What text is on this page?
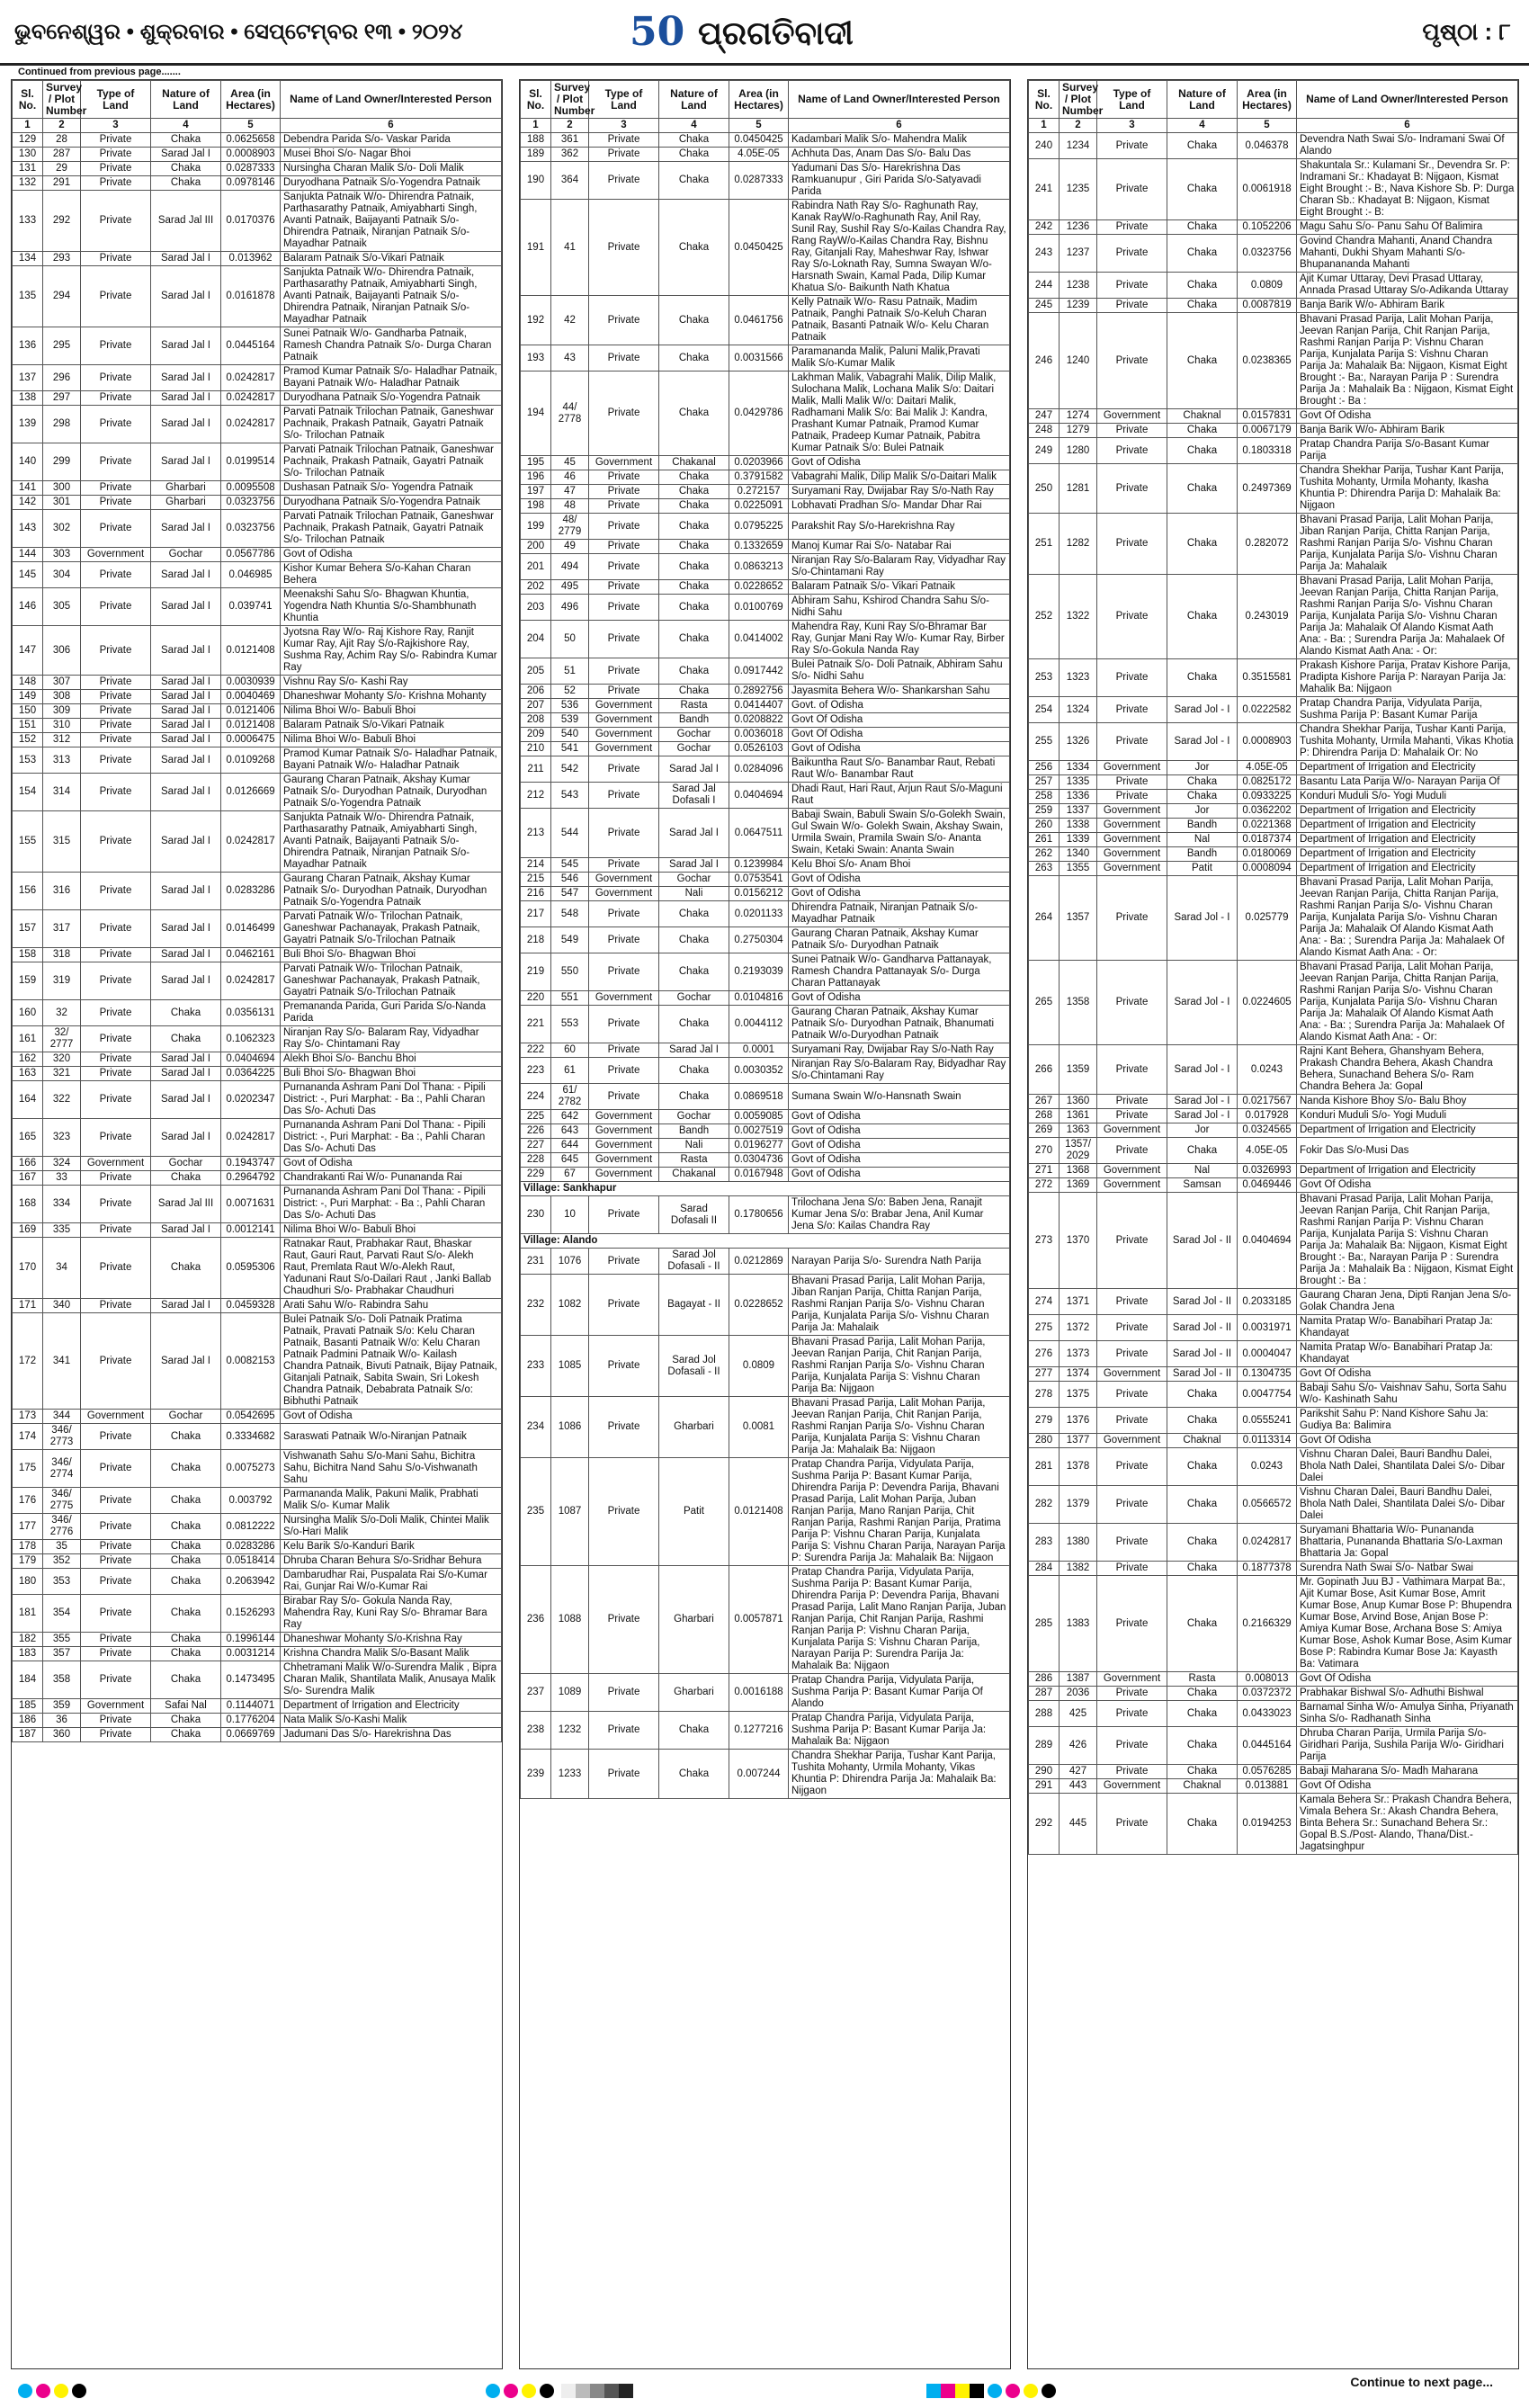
ଭୁବନେଶ୍ୱର • ଶୁକ୍ରବାର • ସେପ୍ଟେମ୍ବର ୧୩ • ୨୦୨୪	50 ପ୍ରଗତିବାଦୀ	ପୃଷ୍ଠା : ୮
Continued from previous page.......
Sl. No.	Survey / Plot Number	Type of Land	Nature of Land	Area (in Hectares)	Name of Land Owner/Interested Person
1	2	3	4	5	6
129	28	Private	Chaka	0.0625658	Debendra Parida S/o- Vaskar Parida
130	287	Private	Sarad Jal I	0.0008903	Musei Bhoi S/o- Nagar Bhoi
131	29	Private	Chaka	0.0287333	Nursingha Charan Malik S/o- Doli Malik
132	291	Private	Chaka	0.0978146	Duryodhana Patnaik S/o-Yogendra Patnaik
133	292	Private	Sarad Jal III	0.0170376	Sanjukta Patnaik W/o- Dhirendra Patnaik, Parthasarathy Patnaik, Amiyabharti Singh, Avanti Patnaik, Baijayanti Patnaik S/o-Dhirendra Patnaik, Niranjan Patnaik S/o-Mayadhar Patnaik
134	293	Private	Sarad Jal I	0.013962	Balaram Patnaik S/o-Vikari Patnaik
135	294	Private	Sarad Jal I	0.0161878	Sanjukta Patnaik W/o- Dhirendra Patnaik, Parthasarathy Patnaik, Amiyabharti Singh, Avanti Patnaik, Baijayanti Patnaik S/o- Dhirendra Patnaik, Niranjan Patnaik S/o-Mayadhar Patnaik
136	295	Private	Sarad Jal I	0.0445164	Sunei Patnaik W/o- Gandharba Patnaik, Ramesh Chandra Patnaik S/o- Durga Charan Patnaik
137	296	Private	Sarad Jal I	0.0242817	Pramod Kumar Patnaik S/o- Haladhar Patnaik, Bayani Patnaik W/o- Haladhar Patnaik
138	297	Private	Sarad Jal I	0.0242817	Duryodhana Patnaik S/o-Yogendra Patnaik
139	298	Private	Sarad Jal I	0.0242817	Parvati Patnaik Trilochan Patnaik, Ganeshwar Pachnaik, Prakash Patnaik, Gayatri Patnaik S/o- Trilochan Patnaik
140	299	Private	Sarad Jal I	0.0199514	Parvati Patnaik Trilochan Patnaik, Ganeshwar Pachnaik, Prakash Patnaik, Gayatri Patnaik S/o- Trilochan Patnaik
141	300	Private	Gharbari	0.0095508	Dushasan Patnaik S/o- Yogendra Patnaik
142	301	Private	Gharbari	0.0323756	Duryodhana Patnaik S/o-Yogendra Patnaik
143	302	Private	Sarad Jal I	0.0323756	Parvati Patnaik Trilochan Patnaik, Ganeshwar Pachnaik, Prakash Patnaik, Gayatri Patnaik S/o- Trilochan Patnaik
144	303	Government	Gochar	0.0567786	Govt of Odisha
145	304	Private	Sarad Jal I	0.046985	Kishor Kumar Behera S/o-Kahan Charan Behera
146	305	Private	Sarad Jal I	0.039741	Meenakshi Sahu S/o- Bhagwan Khuntia, Yogendra Nath Khuntia S/o-Shambhunath Khuntia
147	306	Private	Sarad Jal I	0.0121408	Jyotsna Ray W/o- Raj Kishore Ray, Ranjit Kumar Ray, Ajit Ray S/o-Rajkishore Ray, Sushma Ray, Achim Ray S/o- Rabindra Kumar Ray
148	307	Private	Sarad Jal I	0.0030939	Vishnu Ray S/o- Kashi Ray
149	308	Private	Sarad Jal I	0.0040469	Dhaneshwar Mohanty S/o- Krishna Mohanty
150	309	Private	Sarad Jal I	0.0121406	Nilima Bhoi W/o- Babuli Bhoi
151	310	Private	Sarad Jal I	0.0121408	Balaram Patnaik S/o-Vikari Patnaik
152	312	Private	Sarad Jal I	0.0006475	Nilima Bhoi W/o- Babuli Bhoi
153	313	Private	Sarad Jal I	0.0109268	Pramod Kumar Patnaik S/o- Haladhar Patnaik, Bayani Patnaik W/o- Haladhar Patnaik
154	314	Private	Sarad Jal I	0.0126669	Gaurang Charan Patnaik, Akshay Kumar Patnaik S/o- Duryodhan Patnaik, Duryodhan Patnaik S/o-Yogendra Patnaik
155	315	Private	Sarad Jal I	0.0242817	Sanjukta Patnaik W/o- Dhirendra Patnaik, Parthasarathy Patnaik, Amiyabharti Singh, Avanti Patnaik, Baijayanti Patnaik S/o- Dhirendra Patnaik, Niranjan Patnaik S/o-Mayadhar Patnaik
156	316	Private	Sarad Jal I	0.0283286	Gaurang Charan Patnaik, Akshay Kumar Patnaik S/o- Duryodhan Patnaik, Duryodhan Patnaik S/o-Yogendra Patnaik
157	317	Private	Sarad Jal I	0.0146499	Parvati Patnaik W/o- Trilochan Patnaik, Ganeshwar Pachanayak, Prakash Patnaik, Gayatri Patnaik S/o-Trilochan Patnaik
158	318	Private	Sarad Jal I	0.0462161	Buli Bhoi S/o- Bhagwan Bhoi
159	319	Private	Sarad Jal I	0.0242817	Parvati Patnaik W/o- Trilochan Patnaik, Ganeshwar Pachanayak, Prakash Patnaik, Gayatri Patnaik S/o-Trilochan Patnaik
160	32	Private	Chaka	0.0356131	Premananda Parida, Guri Parida S/o-Nanda Parida
161	32/ 2777	Private	Chaka	0.1062323	Niranjan Ray S/o- Balaram Ray, Vidyadhar Ray S/o- Chintamani Ray
162	320	Private	Sarad Jal I	0.0404694	Alekh Bhoi S/o- Banchu Bhoi
163	321	Private	Sarad Jal I	0.0364225	Buli Bhoi S/o- Bhagwan Bhoi
164	322	Private	Sarad Jal I	0.0202347	Purnananda Ashram Pani Dol Thana: - Pipili District: -, Puri Marphat: - Ba :, Pahli Charan Das S/o- Achuti Das
165	323	Private	Sarad Jal I	0.0242817	Purnananda Ashram Pani Dol Thana: - Pipili District: -, Puri Marphat: - Ba :, Pahli Charan Das S/o- Achuti Das
166	324	Government	Gochar	0.1943747	Govt of Odisha
167	33	Private	Chaka	0.2964792	Chandrakanti Rai W/o- Punananda Rai
168	334	Private	Sarad Jal III	0.0071631	Purnananda Ashram Pani Dol Thana: - Pipili District: -, Puri Marphat: - Ba :, Pahli Charan Das S/o- Achuti Das
169	335	Private	Sarad Jal I	0.0012141	Nilima Bhoi W/o- Babuli Bhoi
170	34	Private	Chaka	0.0595306	Ratnakar Raut, Prabhakar Raut, Bhaskar Raut, Gauri Raut, Parvati Raut S/o- Alekh Raut, Premlata Raut W/o-Alekh Raut, Yadunani Raut S/o-Dailari Raut , Janki Ballab Chaudhuri S/o- Prabhakar Chaudhuri
171	340	Private	Sarad Jal I	0.0459328	Arati Sahu W/o- Rabindra Sahu
172	341	Private	Sarad Jal I	0.0082153	Bulei Patnaik S/o- Doli Patnaik Pratima Patnaik, Pravati Patnaik S/o: Kelu Charan Patnaik, Basanti Patnaik W/o: Kelu Charan Patnaik Padmini Patnaik W/o- Kailash Chandra Patnaik, Bivuti Patnaik, Bijay Patnaik, Gitanjali Patnaik, Sabita Swain, Sri Lokesh Chandra Patnaik, Debabrata Patnaik S/o: Bibhuthi Patnaik
173	344	Government	Gochar	0.0542695	Govt of Odisha
174	346/ 2773	Private	Chaka	0.3334682	Saraswati Patnaik W/o-Niranjan Patnaik
175	346/ 2774	Private	Chaka	0.0075273	Vishwanath Sahu S/o-Mani Sahu, Bichitra Sahu, Bichitra Nand Sahu S/o-Vishwanath Sahu
176	346/ 2775	Private	Chaka	0.003792	Parmananda Malik, Pakuni Malik, Prabhati Malik S/o- Kumar Malik
177	346/ 2776	Private	Chaka	0.0812222	Nursingha Malik S/o-Doli Malik, Chintei Malik S/o-Hari Malik
178	35	Private	Chaka	0.0283286	Kelu Barik S/o-Kanduri Barik
179	352	Private	Chaka	0.0518414	Dhruba Charan Behura S/o-Sridhar Behura
180	353	Private	Chaka	0.2063942	Dambarudhar Rai, Puspalata Rai S/o-Kumar Rai, Gunjar Rai W/o-Kumar Rai
181	354	Private	Chaka	0.1526293	Birabar Ray S/o- Gokula Nanda Ray, Mahendra Ray, Kuni Ray S/o- Bhramar Bara Ray
182	355	Private	Chaka	0.1996144	Dhaneshwar Mohanty S/o-Krishna Ray
183	357	Private	Chaka	0.0031214	Krishna Chandra Malik S/o-Basant Malik
184	358	Private	Chaka	0.1473495	Chhetramani Malik W/o-Surendra Malik , Bipra Charan Malik, Shantilata Malik, Anusaya Malik S/o- Surendra Malik
185	359	Government	Safai Nal	0.1144071	Department of Irrigation and Electricity
186	36	Private	Chaka	0.1776204	Nata Malik S/o-Kashi Malik
187	360	Private	Chaka	0.0669769	Jadumani Das S/o- Harekrishna Das
Sl. No.	Survey / Plot Number	Type of Land	Nature of Land	Area (in Hectares)	Name of Land Owner/Interested Person
1	2	3	4	5	6
188	361	Private	Chaka	0.0450425	Kadambari Malik S/o- Mahendra Malik
189	362	Private	Chaka	4.05E-05	Achhuta Das, Anam Das S/o- Balu Das
190	364	Private	Chaka	0.0287333	Yadumani Das S/o- Harekrishna Das Ramkuanupur , Giri Parida S/o-Satyavadi Parida
191	41	Private	Chaka	0.0450425	Rabindra Nath Ray S/o- Raghunath Ray, Kanak RayW/o-Raghunath Ray, Anil Ray, Sunil Ray, Sushil Ray S/o-Kailas Chandra Ray, Rang RayW/o-Kailas Chandra Ray, Bishnu Ray, Gitanjali Ray, Maheshwar Ray, Ishwar Ray S/o-Loknath Ray, Sumna Swayan W/o-Harsnath Swain, Kamal Pada, Dilip Kumar Khatua S/o- Baikunth Nath Khatua
192	42	Private	Chaka	0.0461756	Kelly Patnaik W/o- Rasu Patnaik, Madim Patnaik, Panghi Patnaik S/o-Keluh Charan Patnaik, Basanti Patnaik W/o- Kelu Charan Patnaik
193	43	Private	Chaka	0.0031566	Paramananda Malik, Paluni Malik,Pravati Malik S/o-Kumar Malik
194	44/ 2778	Private	Chaka	0.0429786	Lakhman Malik, Vabagrahi Malik, Dilip Malik, Sulochana Malik, Lochana Malik S/o: Daitari Malik, Malli Malik W/o: Daitari Malik, Radhamani Malik S/o: Bai Malik J: Kandra, Prashant Kumar Patnaik, Pramod Kumar Patnaik, Pradeep Kumar Patnaik, Pabitra Kumar Patnaik S/o: Bulei Patnaik
195	45	Government	Chakanal	0.0203966	Govt of Odisha
196	46	Private	Chaka	0.3791582	Vabagrahi Malik, Dilip Malik S/o-Daitari Malik
197	47	Private	Chaka	0.272157	Suryamani Ray, Dwijabar Ray S/o-Nath Ray
198	48	Private	Chaka	0.0225091	Lobhavati Pradhan S/o- Mandar Dhar Rai
199	48/ 2779	Private	Chaka	0.0795225	Parakshit Ray S/o-Harekrishna Ray
200	49	Private	Chaka	0.1332659	Manoj Kumar Rai S/o- Natabar Rai
201	494	Private	Chaka	0.0863213	Niranjan Ray S/o-Balaram Ray, Vidyadhar Ray S/o-Chintamani Ray
202	495	Private	Chaka	0.0228652	Balaram Patnaik S/o- Vikari Patnaik
203	496	Private	Chaka	0.0100769	Abhiram Sahu, Kshirod Chandra Sahu S/o-Nidhi Sahu
204	50	Private	Chaka	0.0414002	Mahendra Ray, Kuni Ray S/o-Bhramar Bar Ray, Gunjar Mani Ray W/o- Kumar Ray, Birber Ray S/o-Gokula Nanda Ray
205	51	Private	Chaka	0.0917442	Bulei Patnaik S/o- Doli Patnaik, Abhiram Sahu S/o- Nidhi Sahu
206	52	Private	Chaka	0.2892756	Jayasmita Behera W/o- Shankarshan Sahu
207	536	Government	Rasta	0.0414407	Govt. of Odisha
208	539	Government	Bandh	0.0208822	Govt Of Odisha
209	540	Government	Gochar	0.0036018	Govt Of Odisha
210	541	Government	Gochar	0.0526103	Govt of Odisha
211	542	Private	Sarad Jal I	0.0284096	Baikuntha Raut S/o- Banambar Raut, Rebati Raut W/o- Banambar Raut
212	543	Private	Sarad Jal Dofasali I	0.0404694	Dhadi Raut, Hari Raut, Arjun Raut S/o-Maguni Raut
213	544	Private	Sarad Jal I	0.0647511	Babaji Swain, Babuli Swain S/o-Golekh Swain, Gul Swain W/o- Golekh Swain, Akshay Swain, Urmila Swain, Pramila Swain S/o- Ananta Swain, Ketaki Swain: Ananta Swain
214	545	Private	Sarad Jal I	0.1239984	Kelu Bhoi S/o- Anam Bhoi
215	546	Government	Gochar	0.0753541	Govt of Odisha
216	547	Government	Nali	0.0156212	Govt of Odisha
217	548	Private	Chaka	0.0201133	Dhirendra Patnaik, Niranjan Patnaik S/o- Mayadhar Patnaik
218	549	Private	Chaka	0.2750304	Gaurang Charan Patnaik, Akshay Kumar Patnaik S/o- Duryodhan Patnaik
219	550	Private	Chaka	0.2193039	Sunei Patnaik W/o- Gandharva Pattanayak, Ramesh Chandra Pattanayak S/o- Durga Charan Pattanayak
220	551	Government	Gochar	0.0104816	Govt of Odisha
221	553	Private	Chaka	0.0044112	Gaurang Charan Patnaik, Akshay Kumar Patnaik S/o- Duryodhan Patnaik, Bhanumati Patnaik W/o-Duryodhan Patnaik
222	60	Private	Sarad Jal I	0.0001	Suryamani Ray, Dwijabar Ray S/o-Nath Ray
223	61	Private	Chaka	0.0030352	Niranjan Ray S/o-Balaram Ray, Bidyadhar Ray S/o-Chintamani Ray
224	61/ 2782	Private	Chaka	0.0869518	Sumana Swain W/o-Hansnath Swain
225	642	Government	Gochar	0.0059085	Govt of Odisha
226	643	Government	Bandh	0.0027519	Govt of Odisha
227	644	Government	Nali	0.0196277	Govt of Odisha
228	645	Government	Rasta	0.0304736	Govt of Odisha
229	67	Government	Chakanal	0.0167948	Govt of Odisha
Village: Sankhapur					
230	10	Private	Sarad Dofasali II	0.1780656	Trilochana Jena S/o: Baben Jena, Ranajit Kumar Jena S/o: Brabar Jena, Anil Kumar Jena S/o: Kailas Chandra Ray
Village: Alando					
231	1076	Private	Sarad Jol Dofasali - II	0.0212869	Narayan Parija S/o- Surendra Nath Parija
232	1082	Private	Bagayat - II	0.0228652	Bhavani Prasad Parija, Lalit Mohan Parija, Jiban Ranjan Parija, Chitta Ranjan Parija, Rashmi Ranjan Parija S/o- Vishnu Charan Parija, Kunjalata Parija S/o- Vishnu Charan Parija Ja: Mahalaik
233	1085	Private	Sarad Jol Dofasali - II	0.0809	Bhavani Prasad Parija, Lalit Mohan Parija, Jeevan Ranjan Parija, Chit Ranjan Parija, Rashmi Ranjan Parija S/o- Vishnu Charan Parija, Kunjalata Parija S: Vishnu Charan Parija Ba: Nijgaon
234	1086	Private	Gharbari	0.0081	Bhavani Prasad Parija, Lalit Mohan Parija, Jeevan Ranjan Parija, Chit Ranjan Parija, Rashmi Ranjan Parija S/o- Vishnu Charan Parija, Kunjalata Parija S: Vishnu Charan Parija Ja: Mahalaik Ba: Nijgaon
235	1087	Private	Patit	0.0121408	Pratap Chandra Parija, Vidyulata Parija, Sushma Parija P: Basant Kumar Parija, Dhirendra Parija P: Devendra Parija, Bhavani Prasad Parija, Lalit Mohan Parija, Juban Ranjan Parija, Mano Ranjan Parija, Chit Ranjan Parija, Rashmi Ranjan Parija, Pratima Parija P: Vishnu Charan Parija, Kunjalata Parija S: Vishnu Charan Parija, Narayan Parija P: Surendra Parija Ja: Mahalaik Ba: Nijgaon
236	1088	Private	Gharbari	0.0057871	Pratap Chandra Parija, Vidyulata Parija, Sushma Parija P: Basant Kumar Parija, Dhirendra Parija P: Devendra Parija, Bhavani Prasad Parija, Lalit Mano Ranjan Parija, Juban Ranjan Parija, Chit Ranjan Parija, Rashmi Ranjan Parija P: Vishnu Charan Parija, Kunjalata Parija S: Vishnu Charan Parija, Narayan Parija P: Surendra Parija Ja: Mahalaik Ba: Nijgaon
237	1089	Private	Gharbari	0.0016188	Pratap Chandra Parija, Vidyulata Parija, Sushma Parija P: Basant Kumar Parija Of Alando
238	1232	Private	Chaka	0.1277216	Pratap Chandra Parija, Vidyulata Parija, Sushma Parija P: Basant Kumar Parija Ja: Mahalaik Ba: Nijgaon
239	1233	Private	Chaka	0.007244	Chandra Shekhar Parija, Tushar Kant Parija, Tushita Mohanty, Urmila Mohanty, Vikas Khuntia P: Dhirendra Parija Ja: Mahalaik Ba: Nijgaon
Sl. No.	Survey / Plot Number	Type of Land	Nature of Land	Area (in Hectares)	Name of Land Owner/Interested Person
1	2	3	4	5	6
240	1234	Private	Chaka	0.046378	Devendra Nath Swai S/o- Indramani Swai Of Alando
241	1235	Private	Chaka	0.0061918	Shakuntala Sr.: Kulamani Sr., Devendra Sr. P: Indramani Sr.: Khadayat B: Nijgaon, Kismat Eight Brought :- B:, Nava Kishore Sb. P: Durga Charan Sb.: Khadayat B: Nijgaon, Kismat Eight Brought :- B:
242	1236	Private	Chaka	0.1052206	Magu Sahu S/o- Panu Sahu Of Balimira
243	1237	Private	Chaka	0.0323756	Govind Chandra Mahanti, Anand Chandra Mahanti, Dukhi Shyam Mahanti S/o- Bhupanananda Mahanti
244	1238	Private	Chaka	0.0809	Ajit Kumar Uttaray, Devi Prasad Uttaray, Annada Prasad Uttaray S/o-Adikanda Uttaray
245	1239	Private	Chaka	0.0087819	Banja Barik W/o- Abhiram Barik
246	1240	Private	Chaka	0.0238365	Bhavani Prasad Parija, Lalit Mohan Parija, Jeevan Ranjan Parija, Chit Ranjan Parija, Rashmi Ranjan Parija P: Vishnu Charan Parija, Kunjalata Parija S: Vishnu Charan Parija Ja: Mahalaik Ba: Nijgaon, Kismat Eight Brought :- Ba:, Narayan Parija P : Surendra Parija Ja : Mahalaik Ba : Nijgaon, Kismat Eight Brought :- Ba :
247	1274	Government	Chaknal	0.0157831	Govt Of Odisha
248	1279	Private	Chaka	0.0067179	Banja Barik W/o- Abhiram Barik
249	1280	Private	Chaka	0.1803318	Pratap Chandra Parija S/o-Basant Kumar Parija
250	1281	Private	Chaka	0.2497369	Chandra Shekhar Parija, Tushar Kant Parija, Tushita Mohanty, Urmila Mohanty, Ikasha Khuntia P: Dhirendra Parija D: Mahalaik Ba: Nijgaon
251	1282	Private	Chaka	0.282072	Bhavani Prasad Parija, Lalit Mohan Parija, Jiban Ranjan Parija, Chitta Ranjan Parija, Rashmi Ranjan Parija S/o- Vishnu Charan Parija, Kunjalata Parija S/o- Vishnu Charan Parija Ja: Mahalaik
252	1322	Private	Chaka	0.243019	Bhavani Prasad Parija, Lalit Mohan Parija, Jeevan Ranjan Parija, Chitta Ranjan Parija, Rashmi Ranjan Parija S/o- Vishnu Charan Parija, Kunjalata Parija S/o- Vishnu Charan Parija Ja: Mahalaik Of Alando Kismat Aath Ana: - Ba: ; Surendra Parija Ja: Mahalaek Of Alando Kismat Aath Ana: - Or:
253	1323	Private	Chaka	0.3515581	Prakash Kishore Parija, Pratav Kishore Parija, Pradipta Kishore Parija P: Narayan Parija Ja: Mahalik Ba: Nijgaon
254	1324	Private	Sarad Jol - I	0.0222582	Pratap Chandra Parija, Vidyulata Parija, Sushma Parija P: Basant Kumar Parija
255	1326	Private	Sarad Jol - I	0.0008903	Chandra Shekhar Parija, Tushar Kanti Parija, Tushita Mohanty, Urmila Mahanti, Vikas Khotia P: Dhirendra Parija D: Mahalaik Or: No
256	1334	Government	Jor	4.05E-05	Department of Irrigation and Electricity
257	1335	Private	Chaka	0.0825172	Basantu Lata Parija W/o- Narayan Parija Of
258	1336	Private	Chaka	0.0933225	Konduri Muduli S/o- Yogi Muduli
259	1337	Government	Jor	0.0362202	Department of Irrigation and Electricity
260	1338	Government	Bandh	0.0221368	Department of Irrigation and Electricity
261	1339	Government	Nal	0.0187374	Department of Irrigation and Electricity
262	1340	Government	Bandh	0.0180069	Department of Irrigation and Electricity
263	1355	Government	Patit	0.0008094	Department of Irrigation and Electricity
264	1357	Private	Sarad Jol - I	0.025779	Bhavani Prasad Parija, Lalit Mohan Parija, Jeevan Ranjan Parija, Chitta Ranjan Parija, Rashmi Ranjan Parija S/o- Vishnu Charan Parija, Kunjalata Parija S/o- Vishnu Charan Parija Ja: Mahalaik Of Alando Kismat Aath Ana: - Ba: ; Surendra Parija Ja: Mahalaek Of Alando Kismat Aath Ana: - Or:
265	1358	Private	Sarad Jol - I	0.0224605	Bhavani Prasad Parija, Lalit Mohan Parija, Jeevan Ranjan Parija, Chitta Ranjan Parija, Rashmi Ranjan Parija S/o- Vishnu Charan Parija, Kunjalata Parija S/o- Vishnu Charan Parija Ja: Mahalaik Of Alando Kismat Aath Ana: - Ba: ; Surendra Parija Ja: Mahalaek Of Alando Kismat Aath Ana: - Or:
266	1359	Private	Sarad Jol - I	0.0243	Rajni Kant Behera, Ghanshyam Behera, Prakash Chandra Behera, Akash Chandra Behera, Sunachand Behera S/o- Ram Chandra Behera Ja: Gopal
267	1360	Private	Sarad Jol - I	0.0217567	Nanda Kishore Bhoy S/o- Balu Bhoy
268	1361	Private	Sarad Jol - I	0.017928	Konduri Muduli S/o- Yogi Muduli
269	1363	Government	Jor	0.0324565	Department of Irrigation and Electricity
270	1357/ 2029	Private	Chaka	4.05E-05	Fokir Das S/o-Musi Das
271	1368	Government	Nal	0.0326993	Department of Irrigation and Electricity
272	1369	Government	Samsan	0.0469446	Govt Of Odisha
273	1370	Private	Sarad Jol - II	0.0404694	Bhavani Prasad Parija, Lalit Mohan Parija, Jeevan Ranjan Parija, Chit Ranjan Parija, Rashmi Ranjan Parija P: Vishnu Charan Parija, Kunjalata Parija S: Vishnu Charan Parija Ja: Mahalaik Ba: Nijgaon, Kismat Eight Brought :- Ba:, Narayan Parija P : Surendra Parija Ja : Mahalaik Ba : Nijgaon, Kismat Eight Brought :- Ba :
274	1371	Private	Sarad Jol - II	0.2033185	Gaurang Charan Jena, Dipti Ranjan Jena S/o- Golak Chandra Jena
275	1372	Private	Sarad Jol - II	0.0031971	Namita Pratap W/o- Banabihari Pratap Ja: Khandayat
276	1373	Private	Sarad Jol - II	0.0004047	Namita Pratap W/o- Banabihari Pratap Ja: Khandayat
277	1374	Government	Sarad Jol - II	0.1304735	Govt Of Odisha
278	1375	Private	Chaka	0.0047754	Babaji Sahu S/o- Vaishnav Sahu, Sorta Sahu W/o- Kashinath Sahu
279	1376	Private	Chaka	0.0555241	Parikshit Sahu P: Nand Kishore Sahu Ja: Gudiya Ba: Balimira
280	1377	Government	Chaknal	0.0113314	Govt Of Odisha
281	1378	Private	Chaka	0.0243	Vishnu Charan Dalei, Bauri Bandhu Dalei, Bhola Nath Dalei, Shantilata Dalei S/o- Dibar Dalei
282	1379	Private	Chaka	0.0566572	Vishnu Charan Dalei, Bauri Bandhu Dalei, Bhola Nath Dalei, Shantilata Dalei S/o- Dibar Dalei
283	1380	Private	Chaka	0.0242817	Suryamani Bhattaria W/o- Punananda Bhattaria, Punananda Bhattaria S/o-Laxman Bhattaria Ja: Gopal
284	1382	Private	Chaka	0.1877378	Surendra Nath Swai S/o- Natbar Swai
285	1383	Private	Chaka	0.2166329	Mr. Gopinath Juu BJ - Vathimara Marpat Ba:, Ajit Kumar Bose, Asit Kumar Bose, Amrit Kumar Bose, Anup Kumar Bose P: Bhupendra Kumar Bose, Arvind Bose, Anjan Bose P: Amiya Kumar Bose, Archana Bose S: Amiya Kumar Bose, Ashok Kumar Bose, Asim Kumar Bose P: Rabindra Kumar Bose Ja: Kayasth Ba: Vatimara
286	1387	Government	Rasta	0.008013	Govt Of Odisha
287	2036	Private	Chaka	0.0372372	Prabhakar Bishwal S/o- Adhuthi Bishwal
288	425	Private	Chaka	0.0433023	Barnamal Sinha W/o- Amulya Sinha, Priyanath Sinha S/o- Radhanath Sinha
289	426	Private	Chaka	0.0445164	Dhruba Charan Parija, Urmila Parija S/o- Giridhari Parija, Sushila Parija W/o- Giridhari Parija
290	427	Private	Chaka	0.0576285	Babaji Maharana S/o- Madh Maharana
291	443	Government	Chaknal	0.013881	Govt Of Odisha
292	445	Private	Chaka	0.0194253	Kamala Behera Sr.: Prakash Chandra Behera, Vimala Behera Sr.: Akash Chandra Behera, Binta Behera Sr.: Sunachand Behera Sr.: Gopal B.S./Post- Alando, Thana/Dist.- Jagatsinghpur

Continue to next page...
